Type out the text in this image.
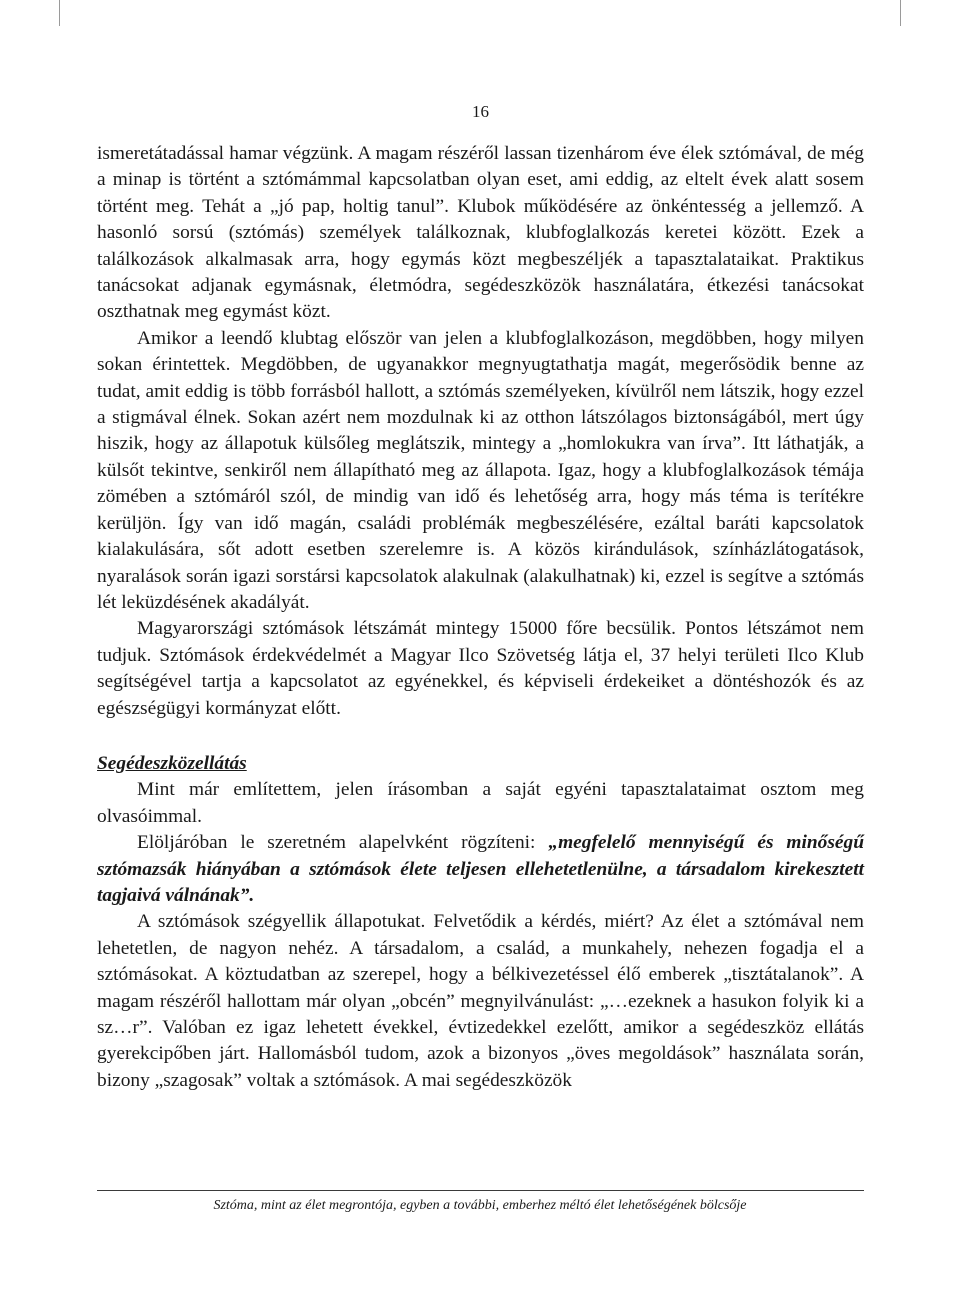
16

ismeretátadással hamar végzünk. A magam részéről lassan tizenhárom éve élek sztómával, de még a minap is történt a sztómámmal kapcsolatban olyan eset, ami eddig, az eltelt évek alatt sosem történt meg. Tehát a „jó pap, holtig tanul”. Klubok működésére az önkéntesség a jellemző. A hasonló sorsú (sztómás) személyek találkoznak, klubfoglalkozás keretei között. Ezek a találkozások alkalmasak arra, hogy egymás közt megbeszéljék a tapasztalataikat. Praktikus tanácsokat adjanak egymásnak, életmódra, segédeszközök használatára, étkezési tanácsokat oszthatnak meg egymást közt.

Amikor a leendő klubtag először van jelen a klubfoglalkozáson, megdöbben, hogy milyen sokan érintettek. Megdöbben, de ugyanakkor megnyugtathatja magát, megerősödik benne az tudat, amit eddig is több forrásból hallott, a sztómás személyeken, kívülről nem látszik, hogy ezzel a stigmával élnek. Sokan azért nem mozdulnak ki az otthon látszólagos biztonságából, mert úgy hiszik, hogy az állapotuk külsőleg meglátszik, mintegy a „homlokukra van írva”. Itt láthatják, a külsőt tekintve, senkiről nem állapítható meg az állapota. Igaz, hogy a klubfoglalkozások témája zömében a sztómáról szól, de mindig van idő és lehetőség arra, hogy más téma is terítékre kerüljön. Így van idő magán, családi problémák megbeszélésére, ezáltal baráti kapcsolatok kialakulására, sőt adott esetben szerelemre is. A közös kirándulások, színházlátogatások, nyaralások során igazi sorstársi kapcsolatok alakulnak (alakulhatnak) ki, ezzel is segítve a sztómás lét leküzdésének akadályát.

Magyarországi sztómások létszámát mintegy 15000 főre becsülik. Pontos létszámot nem tudjuk. Sztómások érdekvédelmét a Magyar Ilco Szövetség látja el, 37 helyi területi Ilco Klub segítségével tartja a kapcsolatot az egyénekkel, és képviseli érdekeiket a döntéshozók és az egészségügyi kormányzat előtt.

Segédeszközellátás

Mint már említettem, jelen írásomban a saját egyéni tapasztalataimat osztom meg olvasóimmal.

Elöljáróban le szeretném alapelvként rögzíteni: „megfelelő mennyiségű és minőségű sztómazsák hiányában a sztómások élete teljesen ellehetetlenülne, a társadalom kirekesztett tagjaivá válnának”.

A sztómások szégyellik állapotukat. Felvetődik a kérdés, miért? Az élet a sztómával nem lehetetlen, de nagyon nehéz. A társadalom, a család, a munkahely, nehezen fogadja el a sztómásokat. A köztudatban az szerepel, hogy a bélkivezetéssel élő emberek „tisztátalanok”. A magam részéről hallottam már olyan „obcén” megnyilvánulást: „…ezeknek a hasukon folyik ki a sz…r”. Valóban ez igaz lehetett évekkel, évtizedekkel ezelőtt, amikor a segédeszköz ellátás gyerekcipőben járt. Hallomásból tudom, azok a bizonyos „öves megoldások” használata során, bizony „szagosak” voltak a sztómások. A mai segédeszközök

Sztóma, mint az élet megrontója, egyben a további, emberhez méltó élet lehetőségének bölcsője
